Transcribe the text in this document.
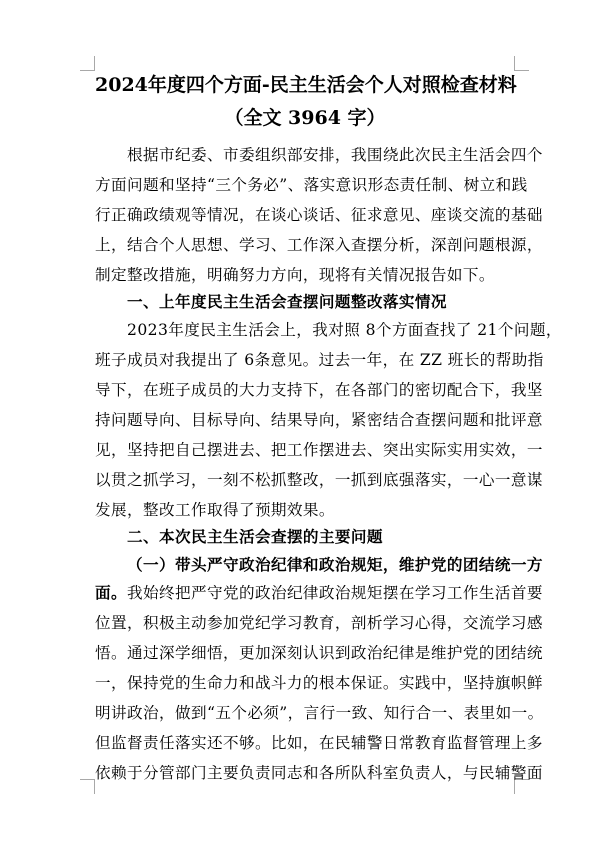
2024年度四个方面-民主生活会个人对照检查材料
（全文 3964 字）
根据市纪委、市委组织部安排，我围绕此次民主生活会四个
方面问题和坚持“三个务必”、落实意识形态责任制、树立和践
行正确政绩观等情况，在谈心谈话、征求意见、座谈交流的基础
上，结合个人思想、学习、工作深入查摆分析，深剖问题根源，
制定整改措施，明确努力方向，现将有关情况报告如下。
一、上年度民主生活会查摆问题整改落实情况
2023年度民主生活会上，我对照 8个方面查找了 21个问题，
班子成员对我提出了 6条意见。过去一年，在 ZZ 班长的帮助指
导下，在班子成员的大力支持下，在各部门的密切配合下，我坚
持问题导向、目标导向、结果导向，紧密结合查摆问题和批评意
见，坚持把自己摆进去、把工作摆进去、突出实际实用实效，一
以贯之抓学习，一刻不松抓整改，一抓到底强落实，一心一意谋
发展，整改工作取得了预期效果。
二、本次民主生活会查摆的主要问题
（一）带头严守政治纪律和政治规矩，维护党的团结统一方
面。我始终把严守党的政治纪律政治规矩摆在学习工作生活首要
位置，积极主动参加党纪学习教育，剖析学习心得，交流学习感
悟。通过深学细悟，更加深刻认识到政治纪律是维护党的团结统
一，保持党的生命力和战斗力的根本保证。实践中，坚持旗帜鲜
明讲政治，做到“五个必须”，言行一致、知行合一、表里如一。
但监督责任落实还不够。比如，在民辅警日常教育监督管理上多
依赖于分管部门主要负责同志和各所队科室负责人，与民辅警面
